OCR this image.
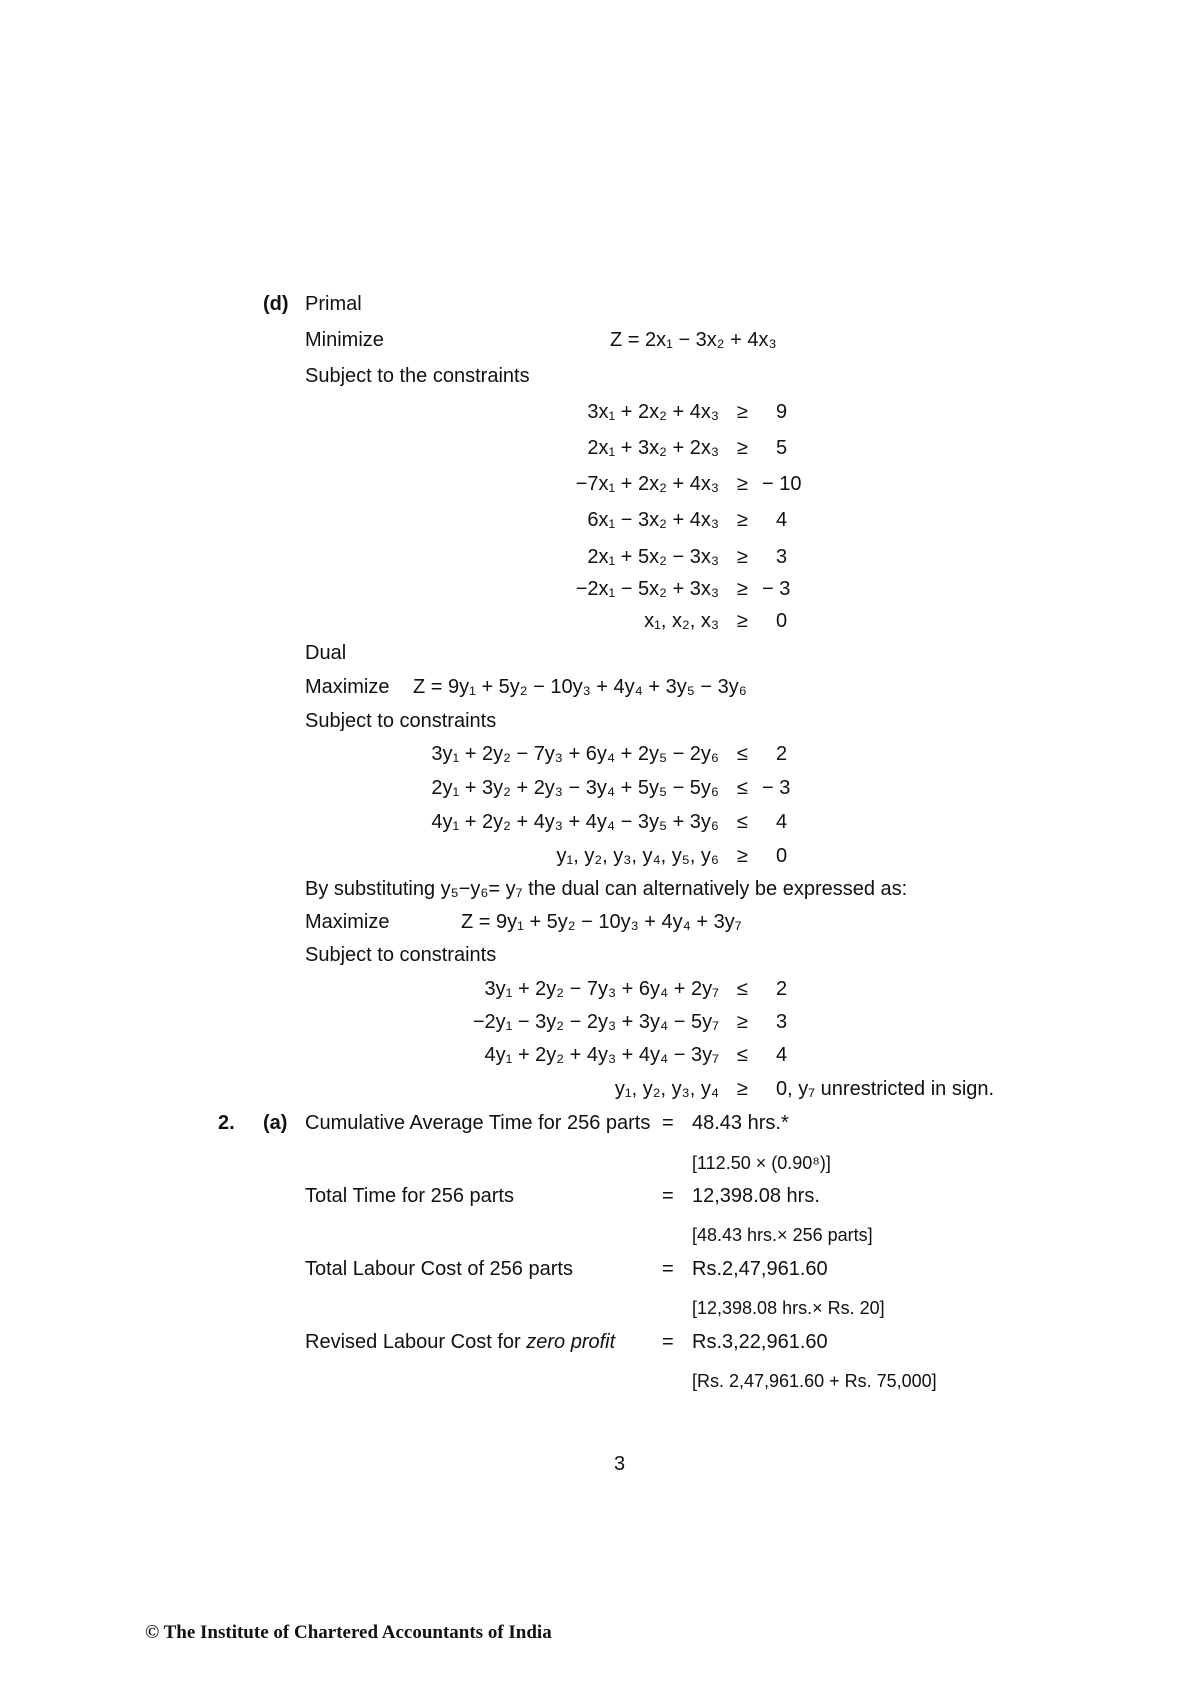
(d) Primal
Minimize	Z = 2x₁ − 3x₂ + 4x₃
Subject to the constraints
3x₁ + 2x₂ + 4x₃ ≥ 9
2x₁ + 3x₂ + 2x₃ ≥ 5
−7x₁ + 2x₂ + 4x₃ ≥ − 10
6x₁ − 3x₂ + 4x₃ ≥ 4
2x₁ + 5x₂ − 3x₃ ≥ 3
−2x₁ − 5x₂ + 3x₃ ≥ − 3
x₁, x₂, x₃ ≥ 0
Dual
Maximize Z = 9y₁ + 5y₂ − 10y₃ + 4y₄ + 3y₅ − 3y₆
Subject to constraints
3y₁ + 2y₂ − 7y₃ + 6y₄ + 2y₅ − 2y₆ ≤ 2
2y₁ + 3y₂ + 2y₃ − 3y₄ + 5y₅ − 5y₆ ≤ − 3
4y₁ + 2y₂ + 4y₃ + 4y₄ − 3y₅ + 3y₆ ≤ 4
y₁, y₂, y₃, y₄, y₅, y₆ ≥ 0
By substituting y₅−y₆= y₇ the dual can alternatively be expressed as:
Maximize	Z = 9y₁ + 5y₂ − 10y₃ + 4y₄ + 3y₇
Subject to constraints
3y₁ + 2y₂ − 7y₃ + 6y₄ + 2y₇ ≤ 2
−2y₁ − 3y₂ − 2y₃ + 3y₄ − 5y₇ ≥ 3
4y₁ + 2y₂ + 4y₃ + 4y₄ − 3y₇ ≤ 4
y₁, y₂, y₃, y₄ ≥ 0, y₇ unrestricted in sign.
2. (a) Cumulative Average Time for 256 parts = 48.43 hrs.*
[112.50 × (0.90⁸)]
Total Time for 256 parts	= 12,398.08 hrs.
[48.43 hrs.× 256 parts]
Total Labour Cost of 256 parts	= Rs.2,47,961.60
[12,398.08 hrs.× Rs. 20]
Revised Labour Cost for zero profit = Rs.3,22,961.60
[Rs. 2,47,961.60 + Rs. 75,000]
3
© The Institute of Chartered Accountants of India
